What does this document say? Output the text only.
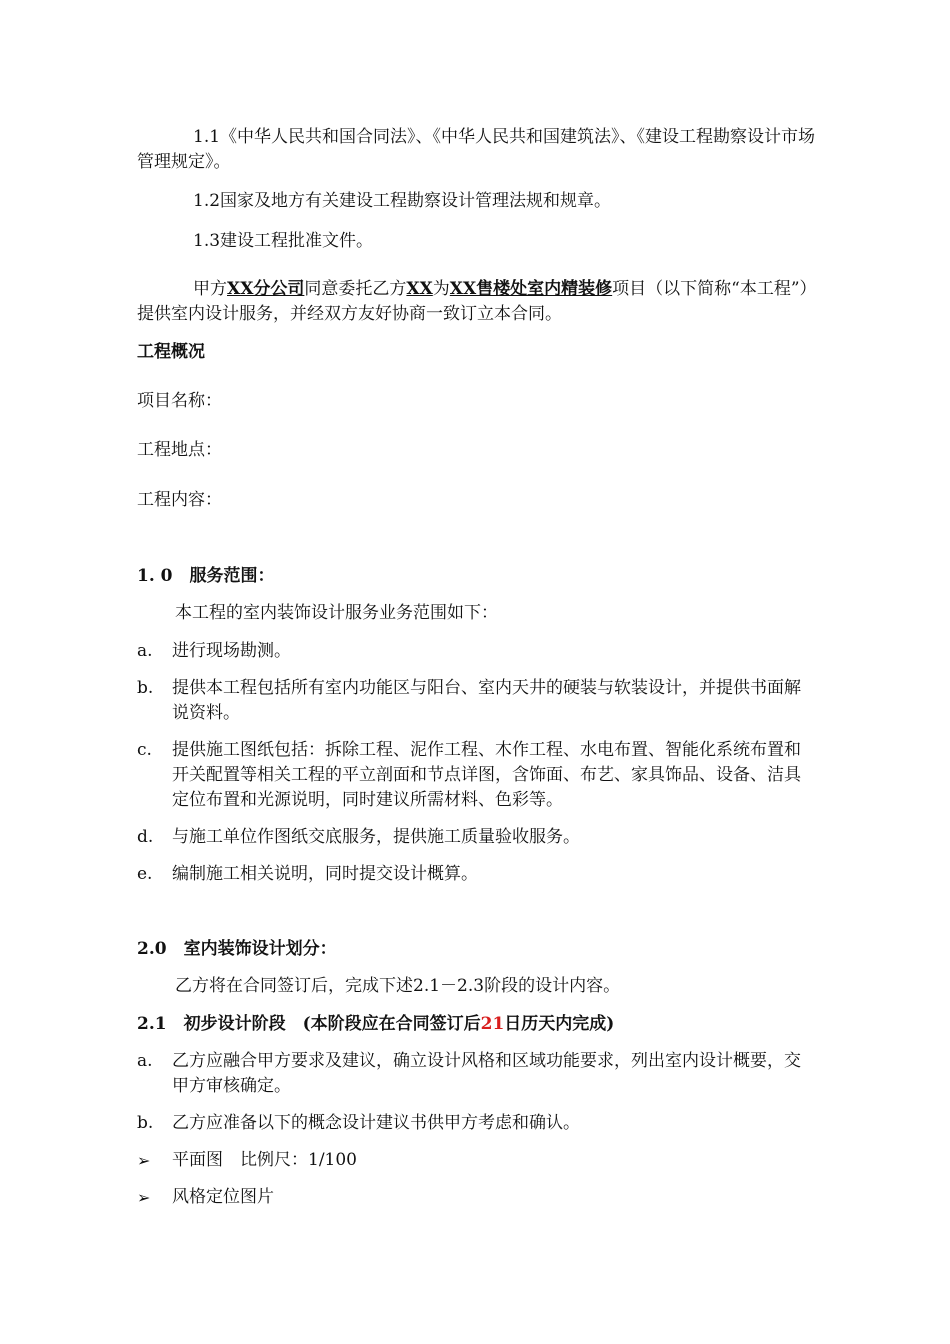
1.1《中华人民共和国合同法》、《中华人民共和国建筑法》、《建设工程勘察设计市场管理规定》。
1.2国家及地方有关建设工程勘察设计管理法规和规章。
1.3建设工程批准文件。
甲方XX分公司同意委托乙方XX为XX售楼处室内精装修项目（以下简称“本工程”）提供室内设计服务，并经双方友好协商一致订立本合同。
工程概况
项目名称：
工程地点：
工程内容：
1. 0　服务范围：
本工程的室内装饰设计服务业务范围如下：
a.	进行现场勘测。
b.	提供本工程包括所有室内功能区与阳台、室内天井的硬装与软装设计，并提供书面解说资料。
c.	提供施工图纸包括：拆除工程、泥作工程、木作工程、水电布置、智能化系统布置和开关配置等相关工程的平立剖面和节点详图，含饰面、布艺、家具饰品、设备、洁具定位布置和光源说明，同时建议所需材料、色彩等。
d.	与施工单位作图纸交底服务，提供施工质量验收服务。
e.	编制施工相关说明，同时提交设计概算。
2.0　室内装饰设计划分：
乙方将在合同签订后，完成下述2.1－2.3阶段的设计内容。
2.1　初步设计阶段　(本阶段应在合同签订后21日历天内完成)
a.	乙方应融合甲方要求及建议，确立设计风格和区域功能要求，列出室内设计概要，交甲方审核确定。
b.	乙方应准备以下的概念设计建议书供甲方考虑和确认。
➢	平面图　比例尺：1/100
➢	风格定位图片
